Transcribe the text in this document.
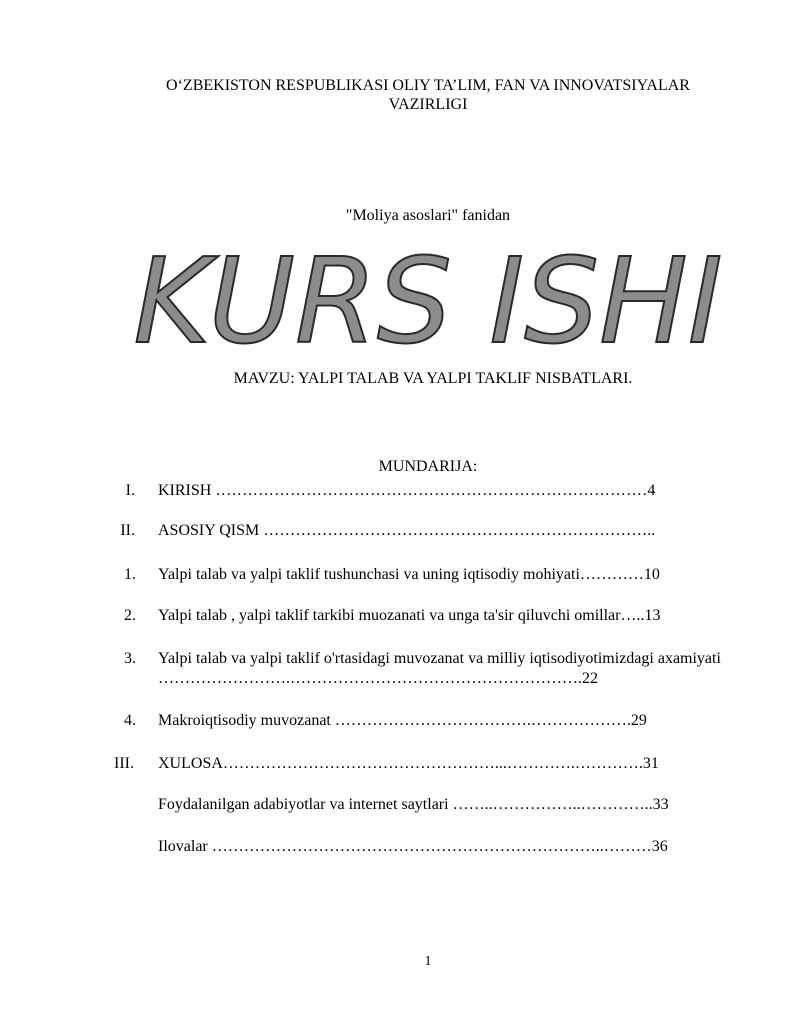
O‘ZBEKISTON RESPUBLIKASI OLIY TA’LIM, FAN VA INNOVATSIYALAR
VAZIRLIGI
"Moliya asoslari" fanidan
KURS ISHI
MAVZU: YALPI TALAB VA YALPI TAKLIF NISBATLARI.
MUNDARIJA:
I. KIRISH ………………………………………………………………………4
II. ASOSIY QISM ………………………………………………………………..
1. Yalpi talab va yalpi taklif tushunchasi va uning iqtisodiy mohiyati…………10
2. Yalpi talab , yalpi taklif tarkibi muozanati va unga ta'sir qiluvchi omillar…..13
3. Yalpi talab va yalpi taklif o'rtasidagi muvozanat va milliy iqtisodiyotimizdagi axamiyati …………………….……………………………………………….22
4. Makroiqtisodiy muvozanat ……………………………….……………….29
III. XULOSA……………………………………………...………….………….31
Foydalanilgan adabiyotlar va internet saytlari ……..……………..…………..33
Ilovalar ………………………………………………………………..………36
1
